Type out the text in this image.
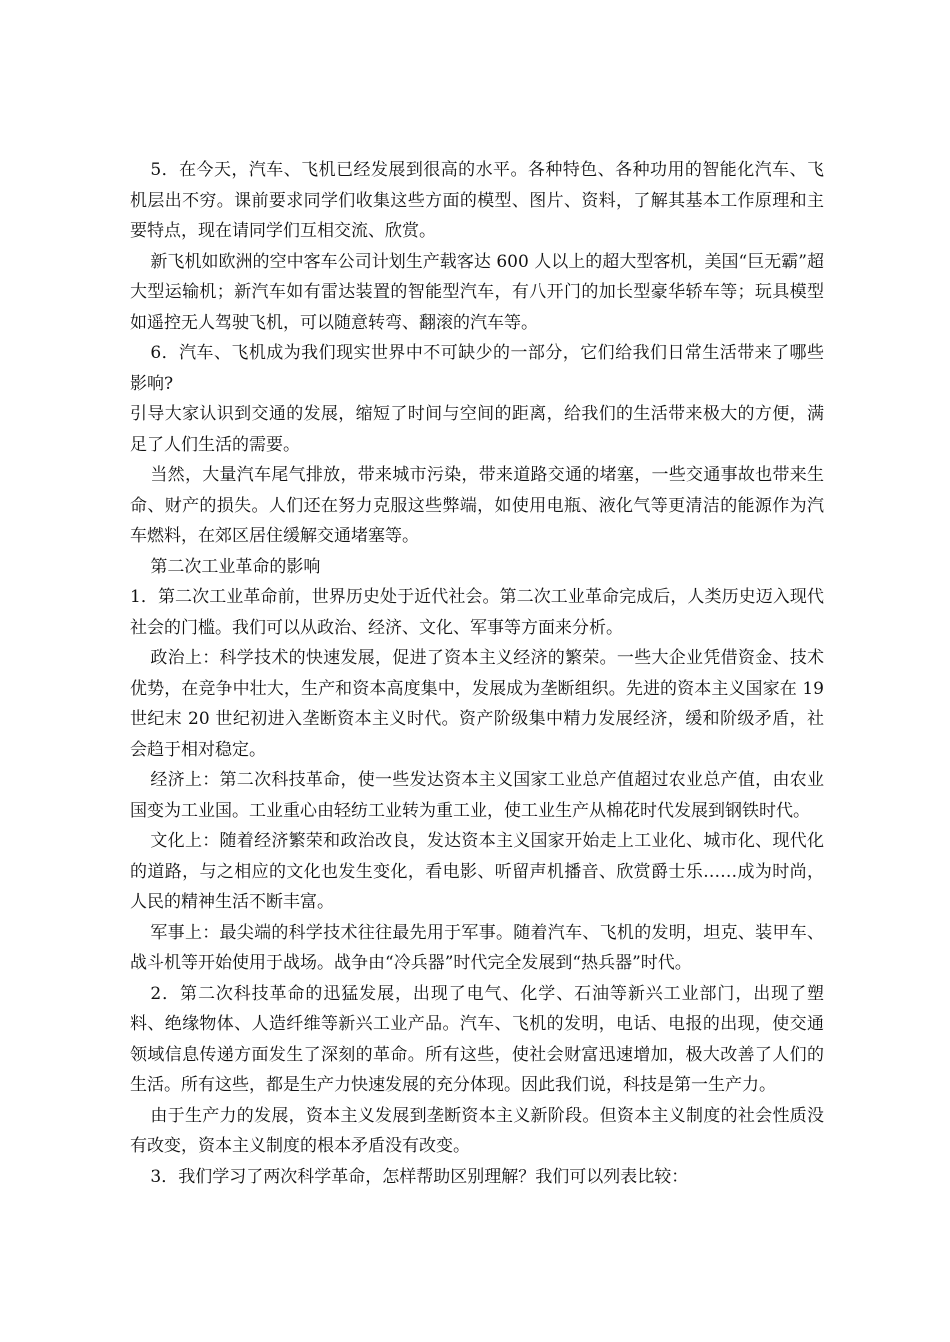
5．在今天，汽车、飞机已经发展到很高的水平。各种特色、各种功用的智能化汽车、飞机层出不穷。课前要求同学们收集这些方面的模型、图片、资料，了解其基本工作原理和主要特点，现在请同学们互相交流、欣赏。

新飞机如欧洲的空中客车公司计划生产载客达 600 人以上的超大型客机，美国“巨无霸”超大型运输机；新汽车如有雷达装置的智能型汽车，有八开门的加长型豪华轿车等；玩具模型如遥控无人驾驶飞机，可以随意转弯、翻滚的汽车等。

6．汽车、飞机成为我们现实世界中不可缺少的一部分，它们给我们日常生活带来了哪些影响?

引导大家认识到交通的发展，缩短了时间与空间的距离，给我们的生活带来极大的方便，满足了人们生活的需要。

当然，大量汽车尾气排放，带来城市污染，带来道路交通的堵塞，一些交通事故也带来生命、财产的损失。人们还在努力克服这些弊端，如使用电瓶、液化气等更清洁的能源作为汽车燃料，在郊区居住缓解交通堵塞等。

第二次工业革命的影响

1．第二次工业革命前，世界历史处于近代社会。第二次工业革命完成后，人类历史迈入现代社会的门槛。我们可以从政治、经济、文化、军事等方面来分析。

政治上：科学技术的快速发展，促进了资本主义经济的繁荣。一些大企业凭借资金、技术优势，在竞争中壮大，生产和资本高度集中，发展成为垄断组织。先进的资本主义国家在 19 世纪末 20 世纪初进入垄断资本主义时代。资产阶级集中精力发展经济，缓和阶级矛盾，社会趋于相对稳定。

经济上：第二次科技革命，使一些发达资本主义国家工业总产值超过农业总产值，由农业国变为工业国。工业重心由轻纺工业转为重工业，使工业生产从棉花时代发展到钢铁时代。

文化上：随着经济繁荣和政治改良，发达资本主义国家开始走上工业化、城市化、现代化的道路，与之相应的文化也发生变化，看电影、听留声机播音、欣赏爵士乐……成为时尚，人民的精神生活不断丰富。

军事上：最尖端的科学技术往往最先用于军事。随着汽车、飞机的发明，坦克、装甲车、战斗机等开始使用于战场。战争由“冷兵器”时代完全发展到“热兵器”时代。

2．第二次科技革命的迅猛发展，出现了电气、化学、石油等新兴工业部门，出现了塑料、绝缘物体、人造纤维等新兴工业产品。汽车、飞机的发明，电话、电报的出现，使交通领域信息传递方面发生了深刻的革命。所有这些，使社会财富迅速增加，极大改善了人们的生活。所有这些，都是生产力快速发展的充分体现。因此我们说，科技是第一生产力。

由于生产力的发展，资本主义发展到垄断资本主义新阶段。但资本主义制度的社会性质没有改变，资本主义制度的根本矛盾没有改变。

3．我们学习了两次科学革命，怎样帮助区别理解？我们可以列表比较：
